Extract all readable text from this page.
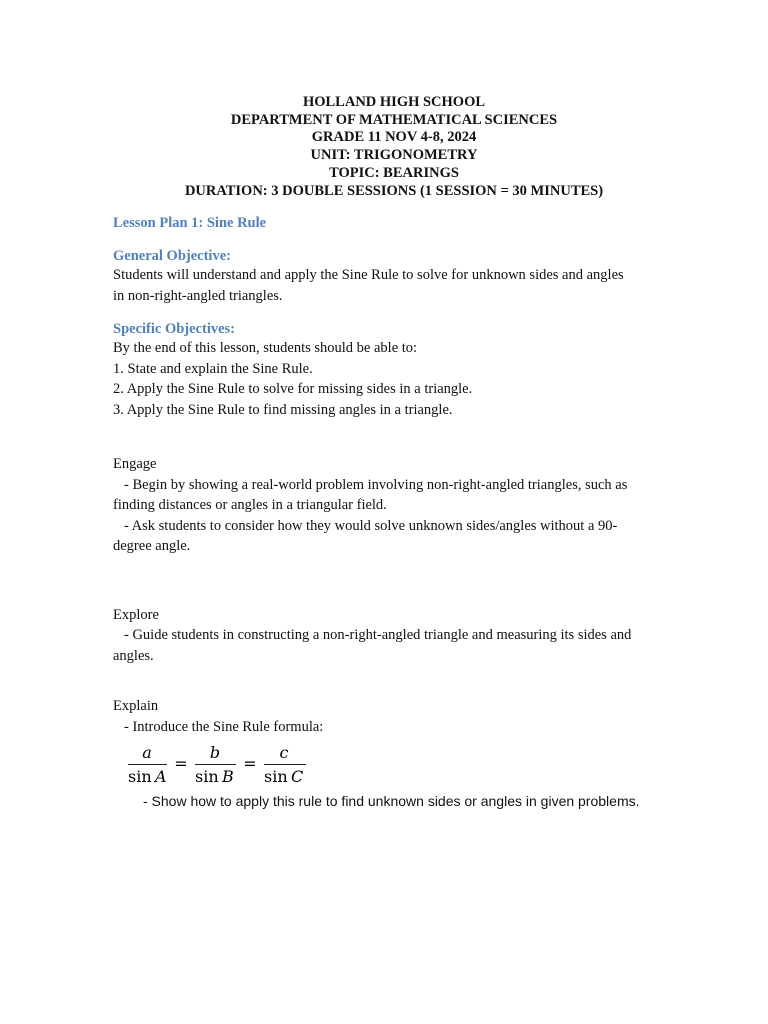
HOLLAND HIGH SCHOOL
DEPARTMENT OF MATHEMATICAL SCIENCES
GRADE 11 NOV 4-8, 2024
UNIT: TRIGONOMETRY
TOPIC: BEARINGS
DURATION: 3 DOUBLE SESSIONS (1 SESSION = 30 MINUTES)
Lesson Plan 1: Sine Rule
General Objective:
Students will understand and apply the Sine Rule to solve for unknown sides and angles
in non-right-angled triangles.
Specific Objectives:
By the end of this lesson, students should be able to:
1. State and explain the Sine Rule.
2. Apply the Sine Rule to solve for missing sides in a triangle.
3. Apply the Sine Rule to find missing angles in a triangle.
Engage
- Begin by showing a real-world problem involving non-right-angled triangles, such as
finding distances or angles in a triangular field.
- Ask students to consider how they would solve unknown sides/angles without a 90-
degree angle.
Explore
- Guide students in constructing a non-right-angled triangle and measuring its sides and
angles.
Explain
- Introduce the Sine Rule formula:
a
sin A
=
b
sin B
=
c
sin C
- Show how to apply this rule to find unknown sides or angles in given problems.
